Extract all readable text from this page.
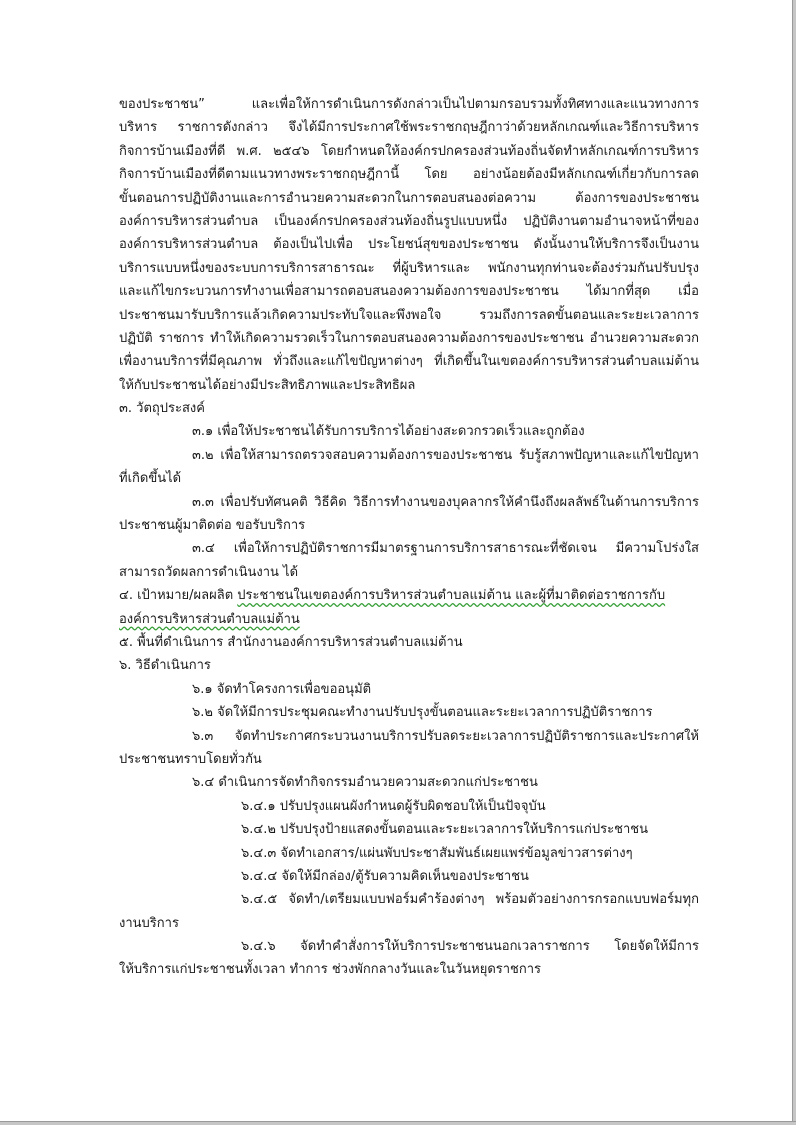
ของประชาชน” และเพื่อให้การดำเนินการดังกล่าวเป็นไปตามกรอบรวมทั้งทิศทางและแนวทางการ
บริหาร ราชการดังกล่าว จึงได้มีการประกาศใช้พระราชกฤษฎีกาว่าด้วยหลักเกณฑ์และวิธีการบริหาร
กิจการบ้านเมืองที่ดี พ.ศ. ๒๕๔๖ โดยกำหนดให้องค์กรปกครองส่วนท้องถิ่นจัดทำหลักเกณฑ์การบริหาร
กิจการบ้านเมืองที่ดีตามแนวทางพระราชกฤษฎีกานี้ โดย อย่างน้อยต้องมีหลักเกณฑ์เกี่ยวกับการลด
ขั้นตอนการปฏิบัติงานและการอำนวยความสะดวกในการตอบสนองต่อความ ต้องการของประชาชน
องค์การบริหารส่วนตำบล เป็นองค์กรปกครองส่วนท้องถิ่นรูปแบบหนึ่ง ปฏิบัติงานตามอำนาจหน้าที่ของ
องค์การบริหารส่วนตำบล ต้องเป็นไปเพื่อ ประโยชน์สุขของประชาชน ดังนั้นงานให้บริการจึงเป็นงาน
บริการแบบหนึ่งของระบบการบริการสาธารณะ ที่ผู้บริหารและ พนักงานทุกท่านจะต้องร่วมกันปรับปรุง
และแก้ไขกระบวนการทำงานเพื่อสามารถตอบสนองความต้องการของประชาชน ได้มากที่สุด เมื่อ
ประชาชนมารับบริการแล้วเกิดความประทับใจและพึงพอใจ รวมถึงการลดขั้นตอนและระยะเวลาการ
ปฏิบัติ ราชการ ทำให้เกิดความรวดเร็วในการตอบสนองความต้องการของประชาชน อำนวยความสะดวก
เพื่องานบริการที่มีคุณภาพ ทั่วถึงและแก้ไขปัญหาต่างๆ ที่เกิดขึ้นในเขตองค์การบริหารส่วนตำบลแม่ต้าน
ให้กับประชาชนได้อย่างมีประสิทธิภาพและประสิทธิผล
๓. วัตถุประสงค์
๓.๑ เพื่อให้ประชาชนได้รับการบริการได้อย่างสะดวกรวดเร็วและถูกต้อง
๓.๒ เพื่อให้สามารถตรวจสอบความต้องการของประชาชน รับรู้สภาพปัญหาและแก้ไขปัญหา
ที่เกิดขึ้นได้
๓.๓ เพื่อปรับทัศนคติ วิธีคิด วิธีการทำงานของบุคลากรให้คำนึงถึงผลลัพธ์ในด้านการบริการ
ประชาชนผู้มาติดต่อ ขอรับบริการ
๓.๔ เพื่อให้การปฏิบัติราชการมีมาตรฐานการบริการสาธารณะที่ชัดเจน มีความโปร่งใส
สามารถวัดผลการดำเนินงาน ได้
๔. เป้าหมาย/ผลผลิต ประชาชนในเขตองค์การบริหารส่วนตำบลแม่ต้าน และผู้ที่มาติดต่อราชการกับ
องค์การบริหารส่วนตำบลแม่ต้าน
๕. พื้นที่ดำเนินการ สำนักงานองค์การบริหารส่วนตำบลแม่ต้าน
๖. วิธีดำเนินการ
๖.๑ จัดทำโครงการเพื่อขออนุมัติ
๖.๒ จัดให้มีการประชุมคณะทำงานปรับปรุงขั้นตอนและระยะเวลาการปฏิบัติราชการ
๖.๓ จัดทำประกาศกระบวนงานบริการปรับลดระยะเวลาการปฏิบัติราชการและประกาศให้
ประชาชนทราบโดยทั่วกัน
๖.๔ ดำเนินการจัดทำกิจกรรมอำนวยความสะดวกแก่ประชาชน
๖.๔.๑ ปรับปรุงแผนผังกำหนดผู้รับผิดชอบให้เป็นปัจจุบัน
๖.๔.๒ ปรับปรุงป้ายแสดงขั้นตอนและระยะเวลาการให้บริการแก่ประชาชน
๖.๔.๓ จัดทำเอกสาร/แผ่นพับประชาสัมพันธ์เผยแพร่ข้อมูลข่าวสารต่างๆ
๖.๔.๔ จัดให้มีกล่อง/ตู้รับความคิดเห็นของประชาชน
๖.๔.๕ จัดทำ/เตรียมแบบฟอร์มคำร้องต่างๆ พร้อมตัวอย่างการกรอกแบบฟอร์มทุก
งานบริการ
๖.๔.๖ จัดทำคำสั่งการให้บริการประชาชนนอกเวลาราชการ โดยจัดให้มีการ
ให้บริการแก่ประชาชนทั้งเวลา ทำการ ช่วงพักกลางวันและในวันหยุดราชการ
